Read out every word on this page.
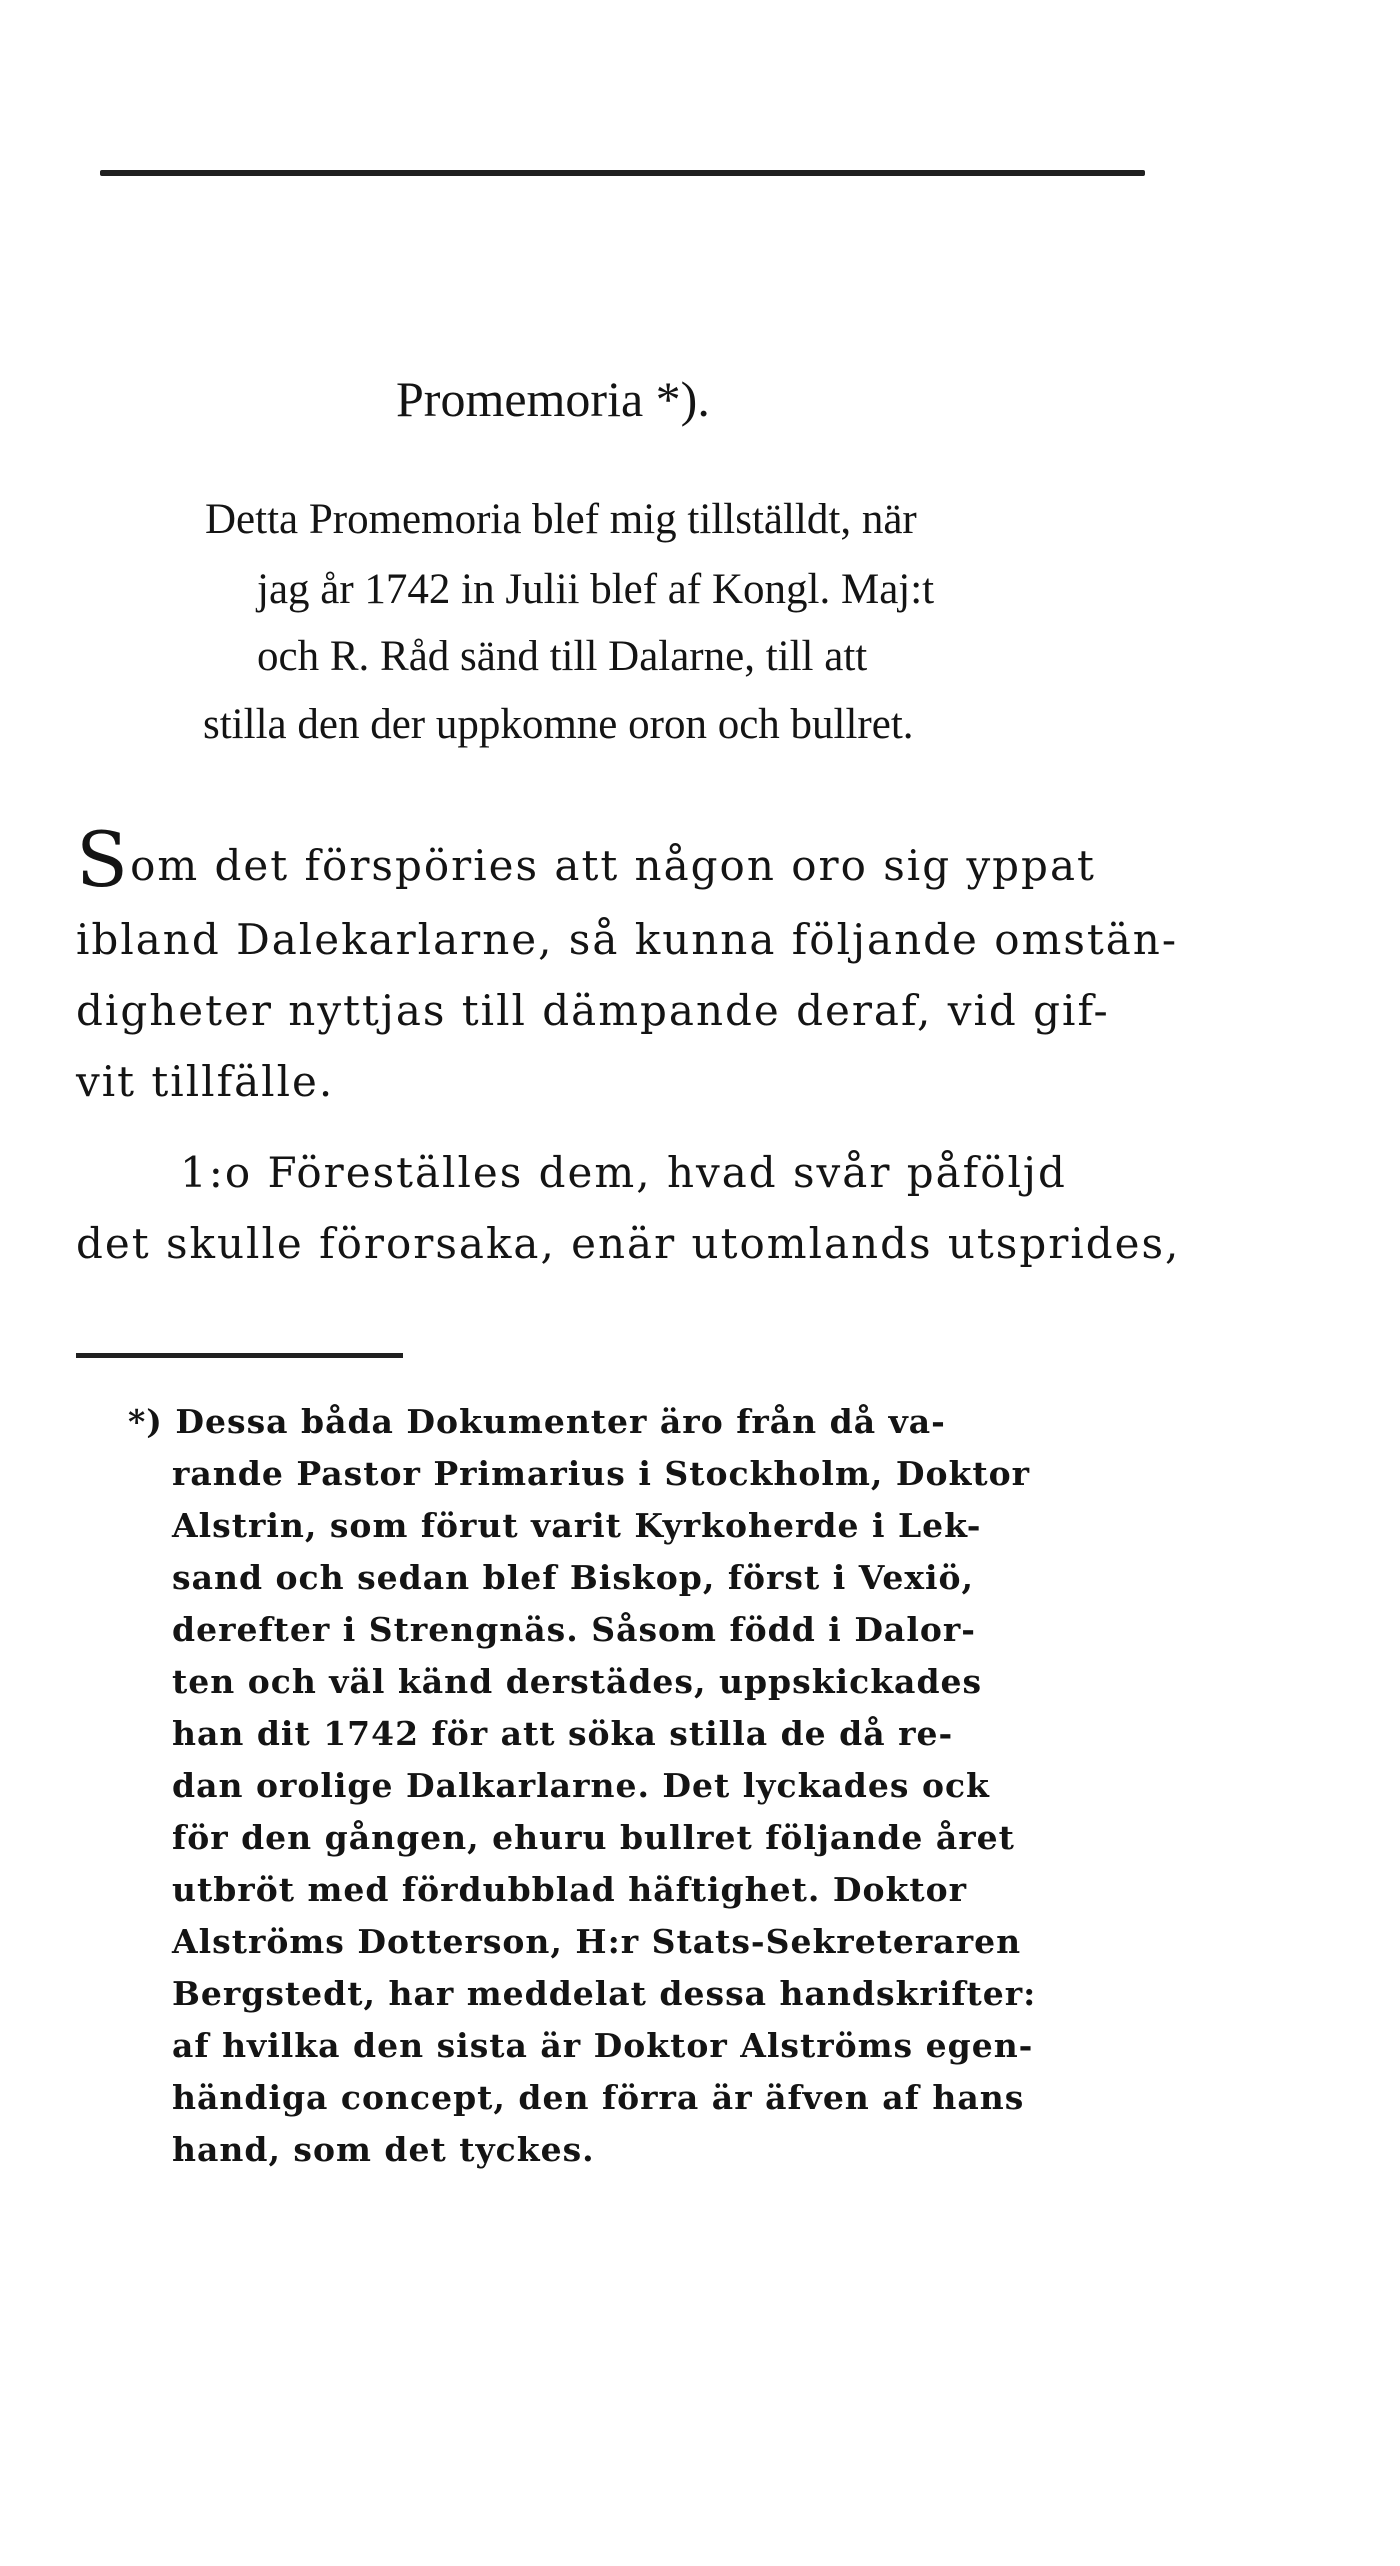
Promemoria *).
Detta Promemoria blef mig tillställdt, när
jag år 1742 in Julii blef af Kongl. Maj:t
och R. Råd sänd till Dalarne, till att
stilla den der uppkomne oron och bullret.
Som det förspöries att någon oro sig yppat
ibland Dalekarlarne, så kunna följande omstän-
digheter nyttjas till dämpande deraf, vid gif-
vit tillfälle.
1:o Föreställes dem, hvad svår påföljd
det skulle förorsaka, enär utomlands utsprides,
*) Dessa båda Dokumenter äro från då va-
rande Pastor Primarius i Stockholm, Doktor
Alstrin, som förut varit Kyrkoherde i Lek-
sand och sedan blef Biskop, först i Vexiö,
derefter i Strengnäs. Såsom född i Dalor-
ten och väl känd derstädes, uppskickades
han dit 1742 för att söka stilla de då re-
dan orolige Dalkarlarne. Det lyckades ock
för den gången, ehuru bullret följande året
utbröt med fördubblad häftighet. Doktor
Alströms Dotterson, H:r Stats-Sekreteraren
Bergstedt, har meddelat dessa handskrifter:
af hvilka den sista är Doktor Alströms egen-
händiga concept, den förra är äfven af hans
hand, som det tyckes.
